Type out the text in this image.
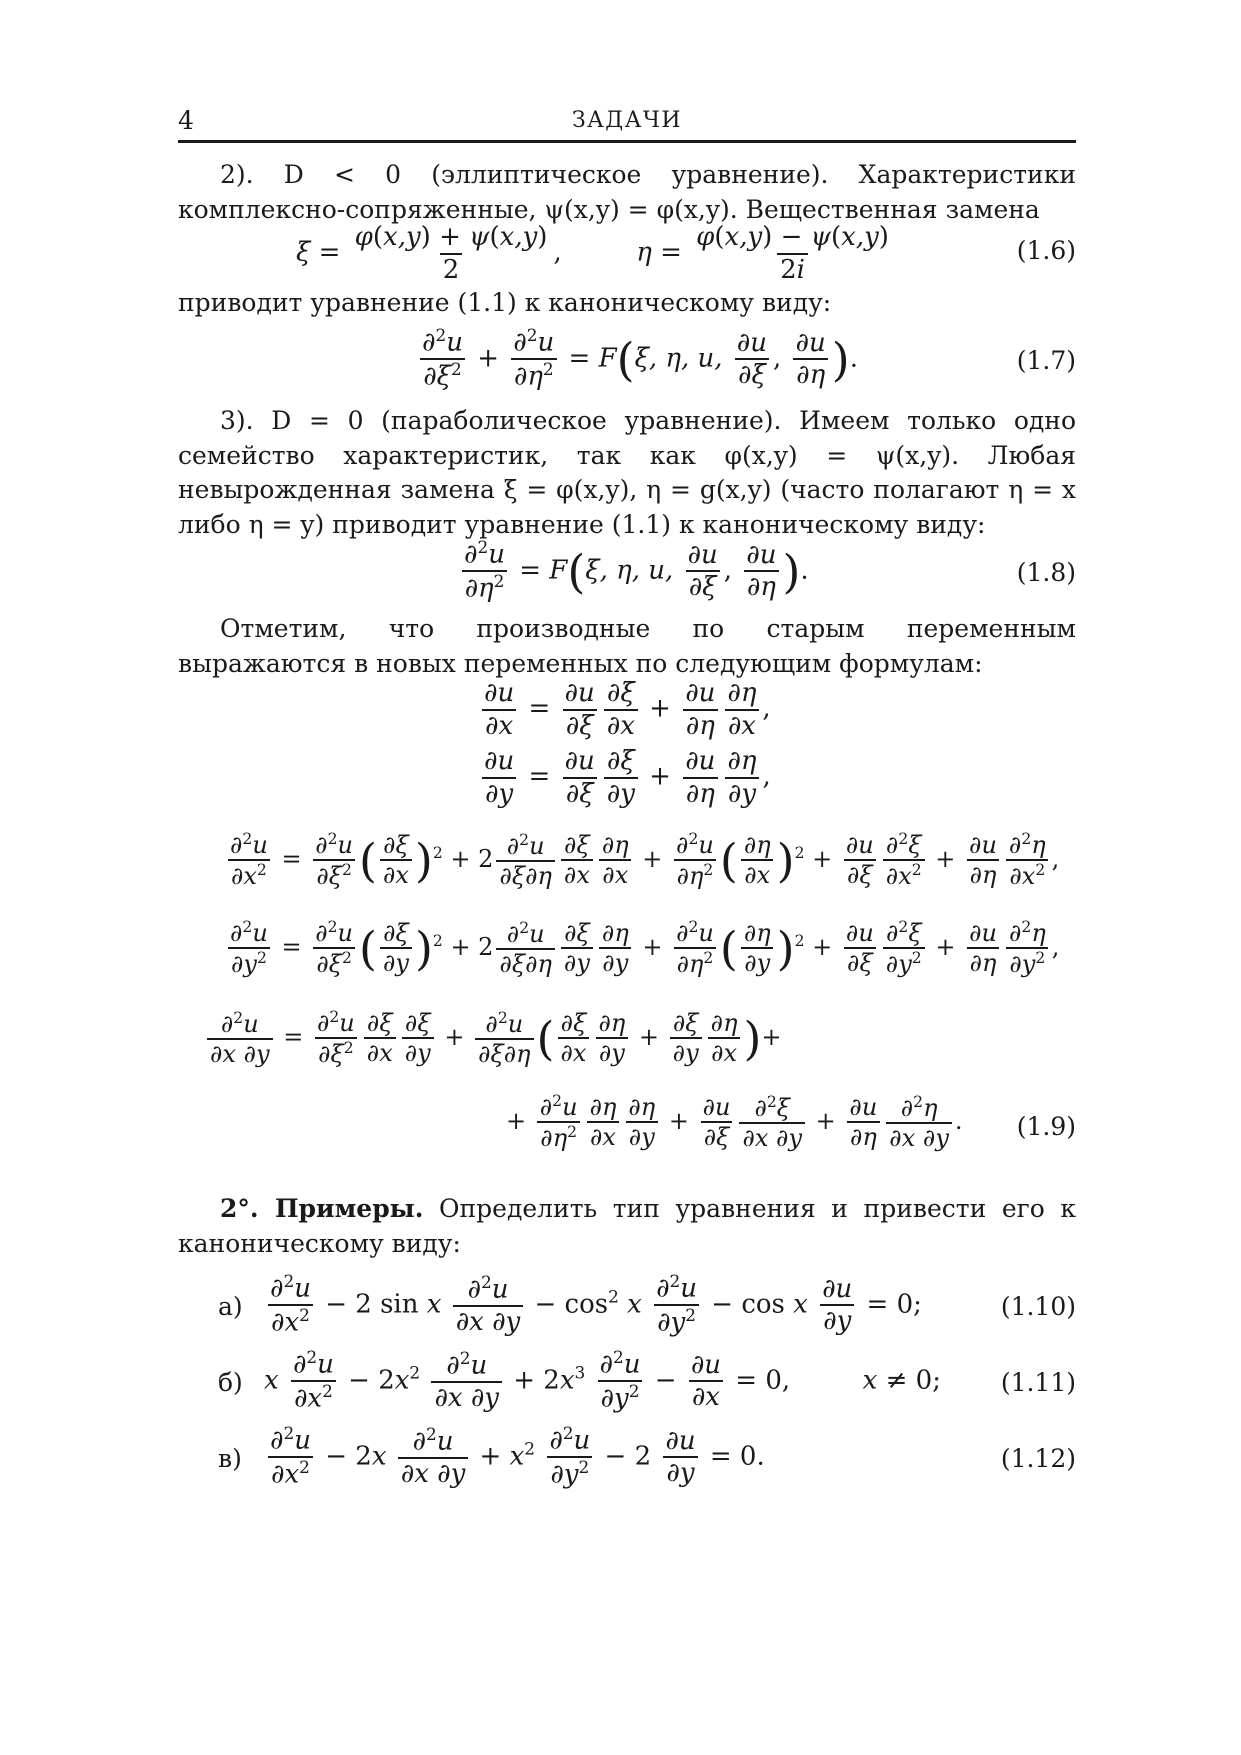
4	ЗАДАЧИ
2). D < 0 (эллиптическое уравнение). Характеристики комплексно-сопряженные, ψ(x,y) = φ(x,y). Вещественная замена
$\xi = \frac{\varphi(x,y) + \psi(x,y)}{2}$ ,	$\eta = \frac{\varphi(x,y) - \psi(x,y)}{2i}$	(1.6)
приводит уравнение (1.1) к каноническому виду:
$\frac{\partial^2u}{\partial\xi^2} + \frac{\partial^2u}{\partial\eta^2} = F(\xi$, η, u, $\frac{\partial u}{\partial\xi}$ , $\frac{\partial u}{\partial\eta}$ ).	(1.7)
3). D = 0 (параболическое уравнение). Имеем только одно семейство характеристик, так как φ(x,y) = ψ(x,y). Любая невырожденная замена ξ = φ(x,y), η = g(x,y) (часто полагают η = x либо η = y) приводит уравнение (1.1) к каноническому виду:
$\frac{\partial^2u}{\partial\eta^2} = F(\xi$, η, u, $\frac{\partial u}{\partial\xi}$ , $\frac{\partial u}{\partial\eta}$ ).	(1.8)
Отметим, что производные по старым переменным выражаются в новых переменных по следующим формулам:
$\frac{\partial u}{\partial x} = \frac{\partial u}{\partial\xi} \frac{\partial\xi}{\partial x} + \frac{\partial u}{\partial\eta} \frac{\partial\eta}{\partial x}$ ,
$\frac{\partial u}{\partial y} = \frac{\partial u}{\partial\xi} \frac{\partial\xi}{\partial y} + \frac{\partial u}{\partial\eta} \frac{\partial\eta}{\partial y}$ ,
$\frac{\partial^2u}{\partial x^2} = \frac{\partial^2u}{\partial\xi^2}$ ( $\frac{\partial\xi}{\partial x} )^2 + 2 \frac{\partial^2u}{\partial\xi\partial\eta} \frac{\partial\xi}{\partial x} \frac{\partial\eta}{\partial x} + \frac{\partial^2u}{\partial\eta^2}$ ( $\frac{\partial\eta}{\partial x} )^2 + \frac{\partial u}{\partial\xi} \frac{\partial^2\xi}{\partial x^2} + \frac{\partial u}{\partial\eta} \frac{\partial^2\eta}{\partial x^2}$ ,
$\frac{\partial^2u}{\partial y^2} = \frac{\partial^2u}{\partial\xi^2}$ ( $\frac{\partial\xi}{\partial y} )^2 + 2 \frac{\partial^2u}{\partial\xi\partial\eta} \frac{\partial\xi}{\partial y} \frac{\partial\eta}{\partial y} + \frac{\partial^2u}{\partial\eta^2}$ ( $\frac{\partial\eta}{\partial y} )^2 + \frac{\partial u}{\partial\xi} \frac{\partial^2\xi}{\partial y^2} + \frac{\partial u}{\partial\eta} \frac{\partial^2\eta}{\partial y^2}$ ,
$\frac{\partial^2u}{\partial x \partial y} = \frac{\partial^2u}{\partial\xi^2} \frac{\partial\xi}{\partial x} \frac{\partial\xi}{\partial y} + \frac{\partial^2u}{\partial\xi\partial\eta}$ ( $\frac{\partial\xi}{\partial x} \frac{\partial\eta}{\partial y} + \frac{\partial\xi}{\partial y} \frac{\partial\eta}{\partial x}$ )+
+ $\frac{\partial^2u}{\partial\eta^2} \frac{\partial\eta}{\partial x} \frac{\partial\eta}{\partial y} + \frac{\partial u}{\partial\xi} \frac{\partial^2\xi}{\partial x \partial y} + \frac{\partial u}{\partial\eta} \frac{\partial^2\eta}{\partial x \partial y}$ . (1.9)
2°. Примеры. Определить тип уравнения и привести его к каноническому виду:
$а) \frac{\partial^2u}{\partial x^2} - 2$ sin x $\frac{\partial^2u}{\partial x \partial y} - \cos^2 x \frac{\partial^2u}{\partial y^2} - \cos x \frac{\partial u}{\partial y} = 0$;	(1.10)
б) x $\frac{\partial^2u}{\partial x^2} - 2x^2 \frac{\partial^2u}{\partial x \partial y} + 2x^3 \frac{\partial^2u}{\partial y^2} - \frac{\partial u}{\partial x} = 0$,  x ≠ 0; (1.11)
$в) \frac{\partial^2u}{\partial x^2} - 2x \frac{\partial^2u}{\partial x \partial y} + x^2 \frac{\partial^2u}{\partial y^2} - 2 \frac{\partial u}{\partial y} = 0$.	(1.12)
